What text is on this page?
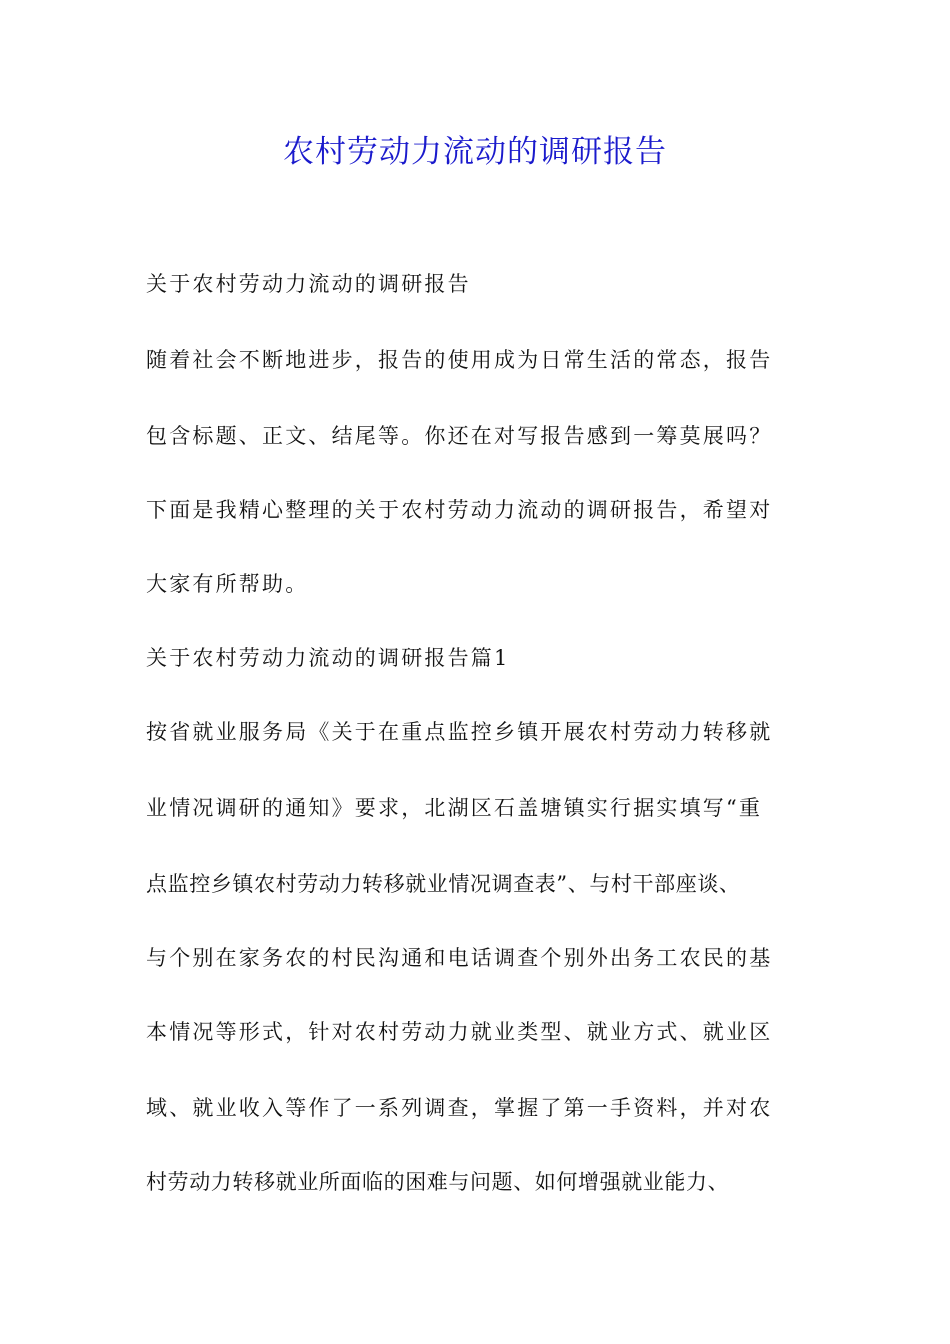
农村劳动力流动的调研报告

关于农村劳动力流动的调研报告

随着社会不断地进步，报告的使用成为日常生活的常态，报告

包含标题、正文、结尾等。你还在对写报告感到一筹莫展吗？

下面是我精心整理的关于农村劳动力流动的调研报告，希望对

大家有所帮助。

关于农村劳动力流动的调研报告篇1

按省就业服务局《关于在重点监控乡镇开展农村劳动力转移就

业情况调研的通知》要求，北湖区石盖塘镇实行据实填写“重

点监控乡镇农村劳动力转移就业情况调查表”、与村干部座谈、

与个别在家务农的村民沟通和电话调查个别外出务工农民的基

本情况等形式，针对农村劳动力就业类型、就业方式、就业区

域、就业收入等作了一系列调查，掌握了第一手资料，并对农

村劳动力转移就业所面临的困难与问题、如何增强就业能力、
